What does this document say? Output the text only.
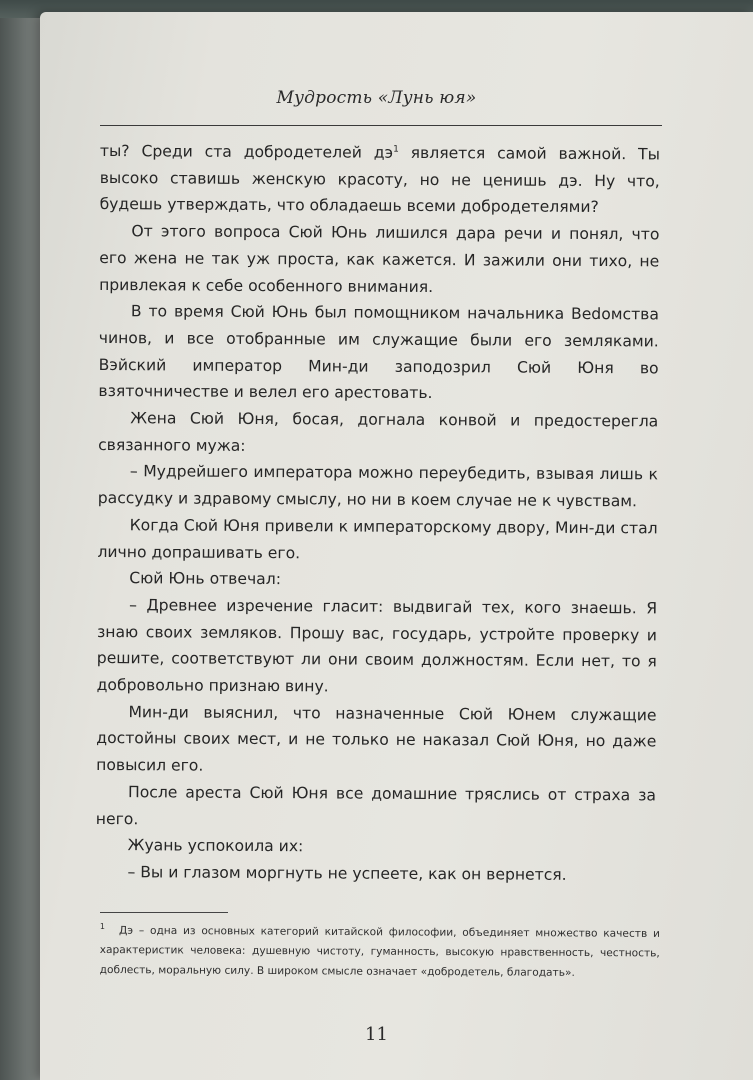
Мудрость «Лунь юя»

ты? Среди ста добродетелей дэ$^1$ является самой важной. Ты высоко ставишь женскую красоту, но не ценишь дэ. Ну что, будешь утверждать, что обладаешь всеми добродетелями?

От этого вопроса Сюй Юнь лишился дара речи и понял, что его жена не так уж проста, как кажется. И зажили они тихо, не привлекая к себе особенного внимания.

В то время Сюй Юнь был помощником начальника Веdомства чинов, и все отобранные им служащие были его земляками. Вэйский император Мин-ди заподозрил Сюй Юня во взяточничестве и велел его арестовать.

Жена Сюй Юня, босая, догнала конвой и предостерегла связанного мужа:

– Мудрейшего императора можно переубедить, взывая лишь к рассудку и здравому смыслу, но ни в коем случае не к чувствам.

Когда Сюй Юня привели к императорскому двору, Мин-ди стал лично допрашивать его.

Сюй Юнь отвечал:

– Древнее изречение гласит: выдвигай тех, кого знаешь. Я знаю своих земляков. Прошу вас, государь, устройте проверку и решите, соответствуют ли они своим должностям. Если нет, то я добровольно признаю вину.

Мин-ди выяснил, что назначенные Сюй Юнем служащие достойны своих мест, и не только не наказал Сюй Юня, но даже повысил его.

После ареста Сюй Юня все домашние тряслись от страха за него.

Жуань успокоила их:

– Вы и глазом моргнуть не успеете, как он вернется.

$^1$ Дэ – одна из основных категорий китайской философии, объединяет множество качеств и характеристик человека: душевную чистоту, гуманность, высокую нравственность, честность, доблесть, моральную силу. В широком смысле означает «добродетель, благодать».
11
